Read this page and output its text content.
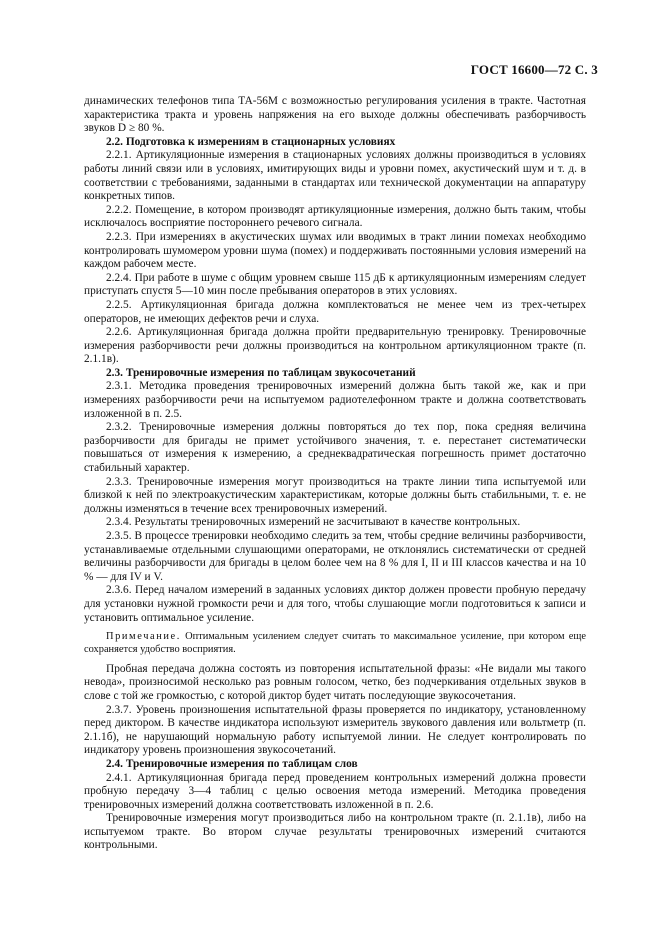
ГОСТ 16600—72 С. 3

динамических телефонов типа ТА-56М с возможностью регулирования усиления в тракте. Частотная характеристика тракта и уровень напряжения на его выходе должны обеспечивать разборчивость звуков D ≥ 80 %.

2.2. Подготовка к измерениям в стационарных условиях

2.2.1. Артикуляционные измерения в стационарных условиях должны производиться в условиях работы линий связи или в условиях, имитирующих виды и уровни помех, акустический шум и т. д. в соответствии с требованиями, заданными в стандартах или технической документации на аппаратуру конкретных типов.

2.2.2. Помещение, в котором производят артикуляционные измерения, должно быть таким, чтобы исключалось восприятие постороннего речевого сигнала.

2.2.3. При измерениях в акустических шумах или вводимых в тракт линии помехах необходимо контролировать шумомером уровни шума (помех) и поддерживать постоянными условия измерений на каждом рабочем месте.

2.2.4. При работе в шуме с общим уровнем свыше 115 дБ к артикуляционным измерениям следует приступать спустя 5—10 мин после пребывания операторов в этих условиях.

2.2.5. Артикуляционная бригада должна комплектоваться не менее чем из трех-четырех операторов, не имеющих дефектов речи и слуха.

2.2.6. Артикуляционная бригада должна пройти предварительную тренировку. Тренировочные измерения разборчивости речи должны производиться на контрольном артикуляционном тракте (п. 2.1.1в).

2.3. Тренировочные измерения по таблицам звукосочетаний

2.3.1. Методика проведения тренировочных измерений должна быть такой же, как и при измерениях разборчивости речи на испытуемом радиотелефонном тракте и должна соответствовать изложенной в п. 2.5.

2.3.2. Тренировочные измерения должны повторяться до тех пор, пока средняя величина разборчивости для бригады не примет устойчивого значения, т. е. перестанет систематически повышаться от измерения к измерению, а среднеквадратическая погрешность примет достаточно стабильный характер.

2.3.3. Тренировочные измерения могут производиться на тракте линии типа испытуемой или близкой к ней по электроакустическим характеристикам, которые должны быть стабильными, т. е. не должны изменяться в течение всех тренировочных измерений.

2.3.4. Результаты тренировочных измерений не засчитывают в качестве контрольных.

2.3.5. В процессе тренировки необходимо следить за тем, чтобы средние величины разборчивости, устанавливаемые отдельными слушающими операторами, не отклонялись систематически от средней величины разборчивости для бригады в целом более чем на 8 % для I, II и III классов качества и на 10 % — для IV и V.

2.3.6. Перед началом измерений в заданных условиях диктор должен провести пробную передачу для установки нужной громкости речи и для того, чтобы слушающие могли подготовиться к записи и установить оптимальное усиление.

Примечание. Оптимальным усилением следует считать то максимальное усиление, при котором еще сохраняется удобство восприятия.

Пробная передача должна состоять из повторения испытательной фразы: «Не видали мы такого невода», произносимой несколько раз ровным голосом, четко, без подчеркивания отдельных звуков в слове с той же громкостью, с которой диктор будет читать последующие звукосочетания.

2.3.7. Уровень произношения испытательной фразы проверяется по индикатору, установленному перед диктором. В качестве индикатора используют измеритель звукового давления или вольтметр (п. 2.1.1б), не нарушающий нормальную работу испытуемой линии. Не следует контролировать по индикатору уровень произношения звукосочетаний.

2.4. Тренировочные измерения по таблицам слов

2.4.1. Артикуляционная бригада перед проведением контрольных измерений должна провести пробную передачу 3—4 таблиц с целью освоения метода измерений. Методика проведения тренировочных измерений должна соответствовать изложенной в п. 2.6.

Тренировочные измерения могут производиться либо на контрольном тракте (п. 2.1.1в), либо на испытуемом тракте. Во втором случае результаты тренировочных измерений считаются контрольными.
